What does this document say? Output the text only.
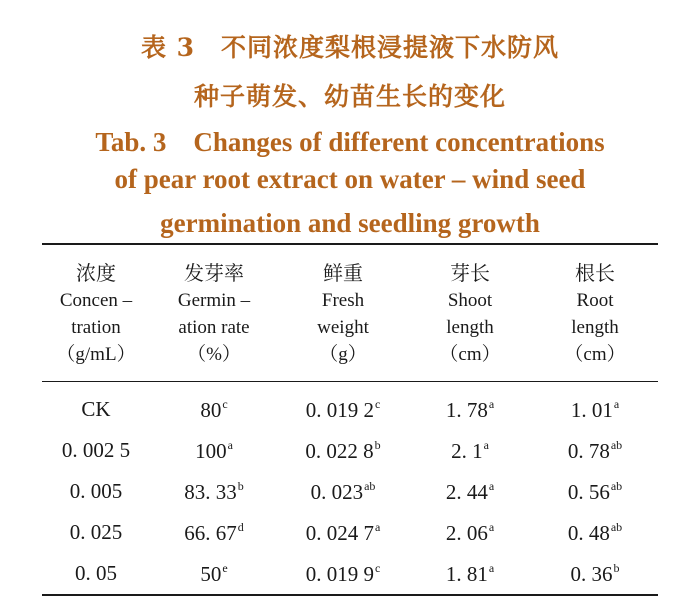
表 3　不同浓度梨根浸提液下水防风
种子萌发、幼苗生长的变化
Tab. 3　Changes of different concentrations
of pear root extract on water – wind seed
germination and seedling growth
浓度
Concen –
tration
（g/mL）	发芽率
Germin –
ation rate
（%）	鲜重
Fresh
weight
（g）	芽长
Shoot
length
（cm）	根长
Root
length
（cm）

CK	80$^c$	0. 019 2$^c$	1. 78$^a$	1. 01$^a$
0. 002 5	100$^a$	0. 022 8$^b$	2. 1$^a$	0. $78^{ab}$
0. 005	83. 33$^b$	0. $023^{ab}$	2. 44$^a$	0. $56^{ab}$
0. 025	66. 67$^d$	0. 024 7$^a$	2. 06$^a$	0. $48^{ab}$
0. 05	50e	0. 019 9$^c$	1. 81$^a$	0. 36$^b$
